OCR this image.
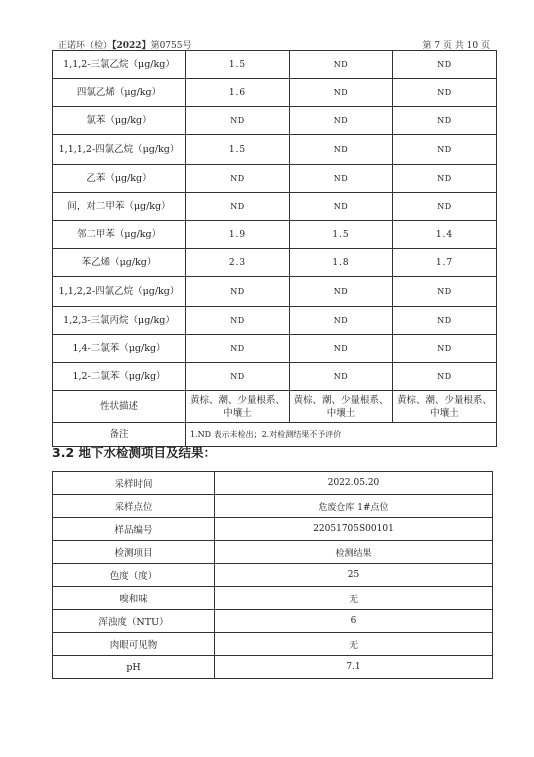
正诺环（检）【2022】第0755号	第 7 页 共 10 页
1,1,2-三氯乙烷（μg/kg）	1.5	ND	ND
四氯乙烯（μg/kg）	1.6	ND	ND
氯苯（μg/kg）	ND	ND	ND
1,1,1,2-四氯乙烷（μg/kg）	1.5	ND	ND
乙苯（μg/kg）	ND	ND	ND
间，对二甲苯（μg/kg）	ND	ND	ND
邻二甲苯（μg/kg）	1.9	1.5	1.4
苯乙烯（μg/kg）	2.3	1.8	1.7
1,1,2,2-四氯乙烷（μg/kg）	ND	ND	ND
1,2,3-三氯丙烷（μg/kg）	ND	ND	ND
1,4-二氯苯（μg/kg）	ND	ND	ND
1,2-二氯苯（μg/kg）	ND	ND	ND
性状描述	黄棕、潮、少量根系、中壤土	黄棕、潮、少量根系、中壤土	黄棕、潮、少量根系、中壤土
备注	1.ND 表示未检出；2.对检测结果不予评价		
3.2 地下水检测项目及结果：
采样时间	2022.05.20
采样点位	危废仓库 1#点位
样品编号	22051705S00101
检测项目	检测结果
色度（度）	25
嗅和味	无
浑浊度（NTU）	6
肉眼可见物	无
pH	7.1
